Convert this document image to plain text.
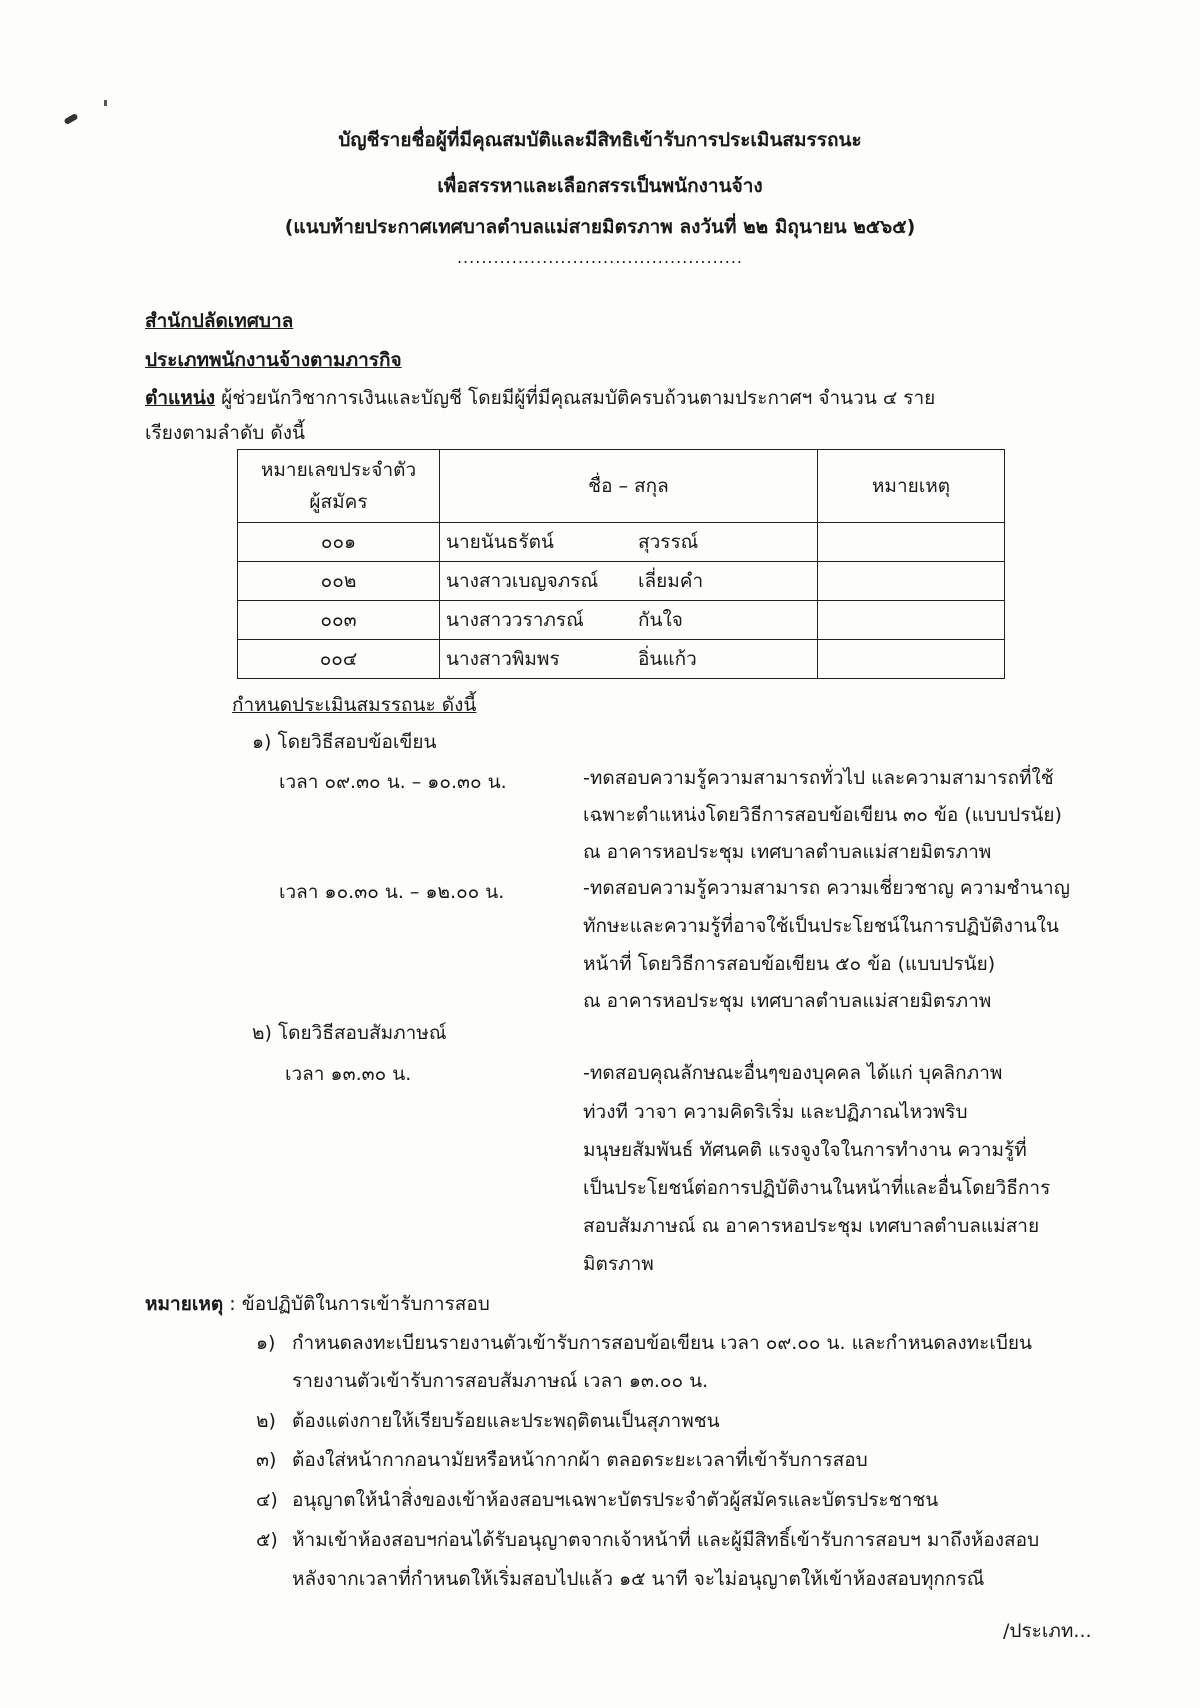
บัญชีรายชื่อผู้ที่มีคุณสมบัติและมีสิทธิเข้ารับการประเมินสมรรถนะ
เพื่อสรรหาและเลือกสรรเป็นพนักงานจ้าง
(แนบท้ายประกาศเทศบาลตำบลแม่สายมิตรภาพ ลงวันที่ ๒๒ มิถุนายน ๒๕๖๕)
...............................................
สำนักปลัดเทศบาล
ประเภทพนักงานจ้างตามภารกิจ
ตำแหน่ง ผู้ช่วยนักวิชาการเงินและบัญชี โดยมีผู้ที่มีคุณสมบัติครบถ้วนตามประกาศฯ จำนวน ๔ ราย
เรียงตามลำดับ ดังนี้
หมายเลขประจำตัว
ผู้สมัคร	ชื่อ – สกุล	หมายเหตุ
๐๐๑	นายนันธรัตน์ สุวรรณ์	
๐๐๒	นางสาวเบญจภรณ์ เลี่ยมคำ	
๐๐๓	นางสาววราภรณ์ กันใจ	
๐๐๔	นางสาวพิมพร อิ่นแก้ว	
กำหนดประเมินสมรรถนะ ดังนี้
๑) โดยวิธีสอบข้อเขียน
เวลา ๐๙.๓๐ น. – ๑๐.๓๐ น.	-ทดสอบความรู้ความสามารถทั่วไป และความสามารถที่ใช้
เฉพาะตำแหน่งโดยวิธีการสอบข้อเขียน ๓๐ ข้อ (แบบปรนัย)
ณ อาคารหอประชุม เทศบาลตำบลแม่สายมิตรภาพ
เวลา ๑๐.๓๐ น. – ๑๒.๐๐ น.	-ทดสอบความรู้ความสามารถ ความเชี่ยวชาญ ความชำนาญ
ทักษะและความรู้ที่อาจใช้เป็นประโยชน์ในการปฏิบัติงานใน
หน้าที่ โดยวิธีการสอบข้อเขียน ๕๐ ข้อ (แบบปรนัย)
ณ อาคารหอประชุม เทศบาลตำบลแม่สายมิตรภาพ
๒) โดยวิธีสอบสัมภาษณ์
เวลา ๑๓.๓๐ น.	-ทดสอบคุณลักษณะอื่นๆของบุคคล ได้แก่ บุคลิกภาพ
ท่วงที วาจา ความคิดริเริ่ม และปฏิภาณไหวพริบ
มนุษยสัมพันธ์ ทัศนคติ แรงจูงใจในการทำงาน ความรู้ที่
เป็นประโยชน์ต่อการปฏิบัติงานในหน้าที่และอื่นโดยวิธีการ
สอบสัมภาษณ์ ณ อาคารหอประชุม เทศบาลตำบลแม่สาย
มิตรภาพ
หมายเหตุ : ข้อปฏิบัติในการเข้ารับการสอบ
๑) กำหนดลงทะเบียนรายงานตัวเข้ารับการสอบข้อเขียน เวลา ๐๙.๐๐ น. และกำหนดลงทะเบียน
รายงานตัวเข้ารับการสอบสัมภาษณ์ เวลา ๑๓.๐๐ น.
๒) ต้องแต่งกายให้เรียบร้อยและประพฤติตนเป็นสุภาพชน
๓) ต้องใส่หน้ากากอนามัยหรือหน้ากากผ้า ตลอดระยะเวลาที่เข้ารับการสอบ
๔) อนุญาตให้นำสิ่งของเข้าห้องสอบฯเฉพาะบัตรประจำตัวผู้สมัครและบัตรประชาชน
๕) ห้ามเข้าห้องสอบฯก่อนได้รับอนุญาตจากเจ้าหน้าที่ และผู้มีสิทธิ์เข้ารับการสอบฯ มาถึงห้องสอบ
หลังจากเวลาที่กำหนดให้เริ่มสอบไปแล้ว ๑๕ นาที จะไม่อนุญาตให้เข้าห้องสอบทุกกรณี
/ประเภท...
